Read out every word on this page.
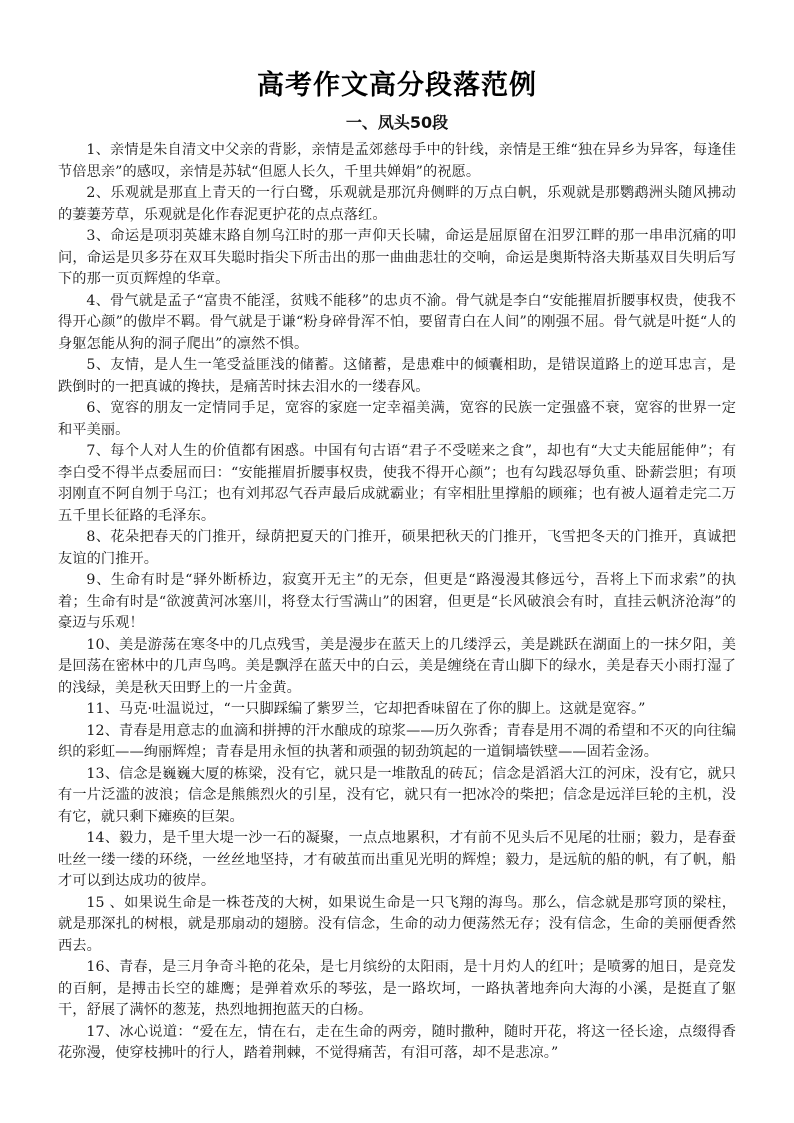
高考作文高分段落范例
一、凤头50段

1、亲情是朱自清文中父亲的背影，亲情是孟郊慈母手中的针线，亲情是王维“独在异乡为异客，每逢佳节倍思亲”的感叹，亲情是苏轼“但愿人长久，千里共婵娟”的祝愿。

2、乐观就是那直上青天的一行白鹭，乐观就是那沉舟侧畔的万点白帆，乐观就是那鹦鹉洲头随风拂动的萋萋芳草，乐观就是化作春泥更护花的点点落红。

3、命运是项羽英雄末路自刎乌江时的那一声仰天长啸，命运是屈原留在汨罗江畔的那一串串沉痛的叩问，命运是贝多芬在双耳失聪时指尖下所击出的那一曲曲悲壮的交响，命运是奥斯特洛夫斯基双目失明后写下的那一页页辉煌的华章。

4、骨气就是孟子“富贵不能淫，贫贱不能移”的忠贞不渝。骨气就是李白“安能摧眉折腰事权贵，使我不得开心颜”的傲岸不羁。骨气就是于谦“粉身碎骨浑不怕，要留青白在人间”的刚强不屈。骨气就是叶挺“人的身躯怎能从狗的洞子爬出”的凛然不惧。

5、友情，是人生一笔受益匪浅的储蓄。这储蓄，是患难中的倾囊相助，是错误道路上的逆耳忠言，是跌倒时的一把真诚的搀扶，是痛苦时抹去泪水的一缕春风。

6、宽容的朋友一定情同手足，宽容的家庭一定幸福美满，宽容的民族一定强盛不衰，宽容的世界一定和平美丽。

7、每个人对人生的价值都有困惑。中国有句古语“君子不受嗟来之食”，却也有“大丈夫能屈能伸”；有李白受不得半点委屈而曰：“安能摧眉折腰事权贵，使我不得开心颜”；也有勾践忍辱负重、卧薪尝胆；有项羽刚直不阿自刎于乌江；也有刘邦忍气吞声最后成就霸业；有宰相肚里撑船的顾雍；也有被人逼着走完二万五千里长征路的毛泽东。

8、花朵把春天的门推开，绿荫把夏天的门推开，硕果把秋天的门推开，飞雪把冬天的门推开，真诚把友谊的门推开。

9、生命有时是“驿外断桥边，寂寞开无主”的无奈，但更是“路漫漫其修远兮，吾将上下而求索”的执着；生命有时是“欲渡黄河冰塞川，将登太行雪满山”的困窘，但更是“长风破浪会有时，直挂云帆济沧海”的豪迈与乐观！

10、美是游荡在寒冬中的几点残雪，美是漫步在蓝天上的几缕浮云，美是跳跃在湖面上的一抹夕阳，美是回荡在密林中的几声鸟鸣。美是飘浮在蓝天中的白云，美是缠绕在青山脚下的绿水，美是春天小雨打湿了的浅绿，美是秋天田野上的一片金黄。

11、马克·吐温说过，“一只脚踩编了紫罗兰，它却把香味留在了你的脚上。这就是宽容。”

12、青春是用意志的血滴和拼搏的汗水酿成的琼浆——历久弥香；青春是用不凋的希望和不灭的向往编织的彩虹——绚丽辉煌；青春是用永恒的执著和顽强的韧劲筑起的一道铜墙铁壁——固若金汤。

13、信念是巍巍大厦的栋梁，没有它，就只是一堆散乱的砖瓦；信念是滔滔大江的河床，没有它，就只有一片泛滥的波浪；信念是熊熊烈火的引星，没有它，就只有一把冰冷的柴把；信念是远洋巨轮的主机，没有它，就只剩下瘫痪的巨架。

14、毅力，是千里大堤一沙一石的凝聚，一点点地累积，才有前不见头后不见尾的壮丽；毅力，是春蚕吐丝一缕一缕的环绕，一丝丝地坚持，才有破茧而出重见光明的辉煌；毅力，是远航的船的帆，有了帆，船才可以到达成功的彼岸。

15 、如果说生命是一株苍茂的大树，如果说生命是一只飞翔的海鸟。那么，信念就是那穹顶的梁柱，就是那深扎的树根，就是那扇动的翅膀。没有信念，生命的动力便荡然无存；没有信念，生命的美丽便香然西去。

16、青春，是三月争奇斗艳的花朵，是七月缤纷的太阳雨，是十月灼人的红叶；是喷雾的旭日，是竞发的百舸，是搏击长空的雄鹰；是弹着欢乐的琴弦，是一路坎坷，一路执著地奔向大海的小溪，是挺直了躯干，舒展了满怀的葱茏，热烈地拥抱蓝天的白杨。

17、冰心说道：“爱在左，情在右，走在生命的两旁，随时撒种，随时开花，将这一径长途，点缀得香花弥漫，使穿枝拂叶的行人，踏着荆棘，不觉得痛苦，有泪可落，却不是悲凉。”
